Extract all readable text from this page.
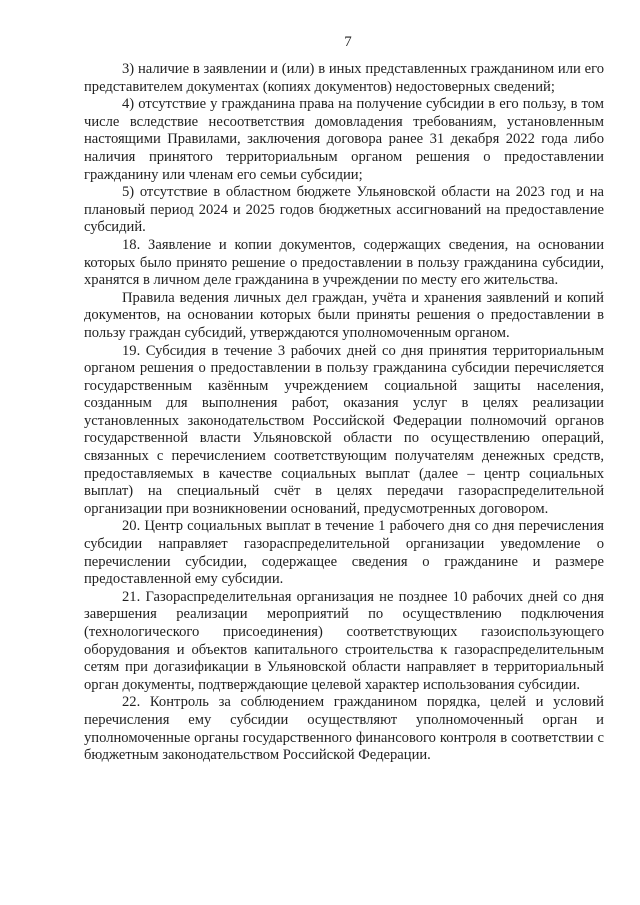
7

3) наличие в заявлении и (или) в иных представленных гражданином или его представителем документах (копиях документов) недостоверных сведений;

4) отсутствие у гражданина права на получение субсидии в его пользу, в том числе вследствие несоответствия домовладения требованиям, установленным настоящими Правилами, заключения договора ранее 31 декабря 2022 года либо наличия принятого территориальным органом решения о предоставлении гражданину или членам его семьи субсидии;

5) отсутствие в областном бюджете Ульяновской области на 2023 год и на плановый период 2024 и 2025 годов бюджетных ассигнований на предоставление субсидий.

18. Заявление и копии документов, содержащих сведения, на основании которых было принято решение о предоставлении в пользу гражданина субсидии, хранятся в личном деле гражданина в учреждении по месту его жительства.

Правила ведения личных дел граждан, учёта и хранения заявлений и копий документов, на основании которых были приняты решения о предоставлении в пользу граждан субсидий, утверждаются уполномоченным органом.

19. Субсидия в течение 3 рабочих дней со дня принятия территориальным органом решения о предоставлении в пользу гражданина субсидии перечисляется государственным казённым учреждением социальной защиты населения, созданным для выполнения работ, оказания услуг в целях реализации установленных законодательством Российской Федерации полномочий органов государственной власти Ульяновской области по осуществлению операций, связанных с перечислением соответствующим получателям денежных средств, предоставляемых в качестве социальных выплат (далее – центр социальных выплат) на специальный счёт в целях передачи газораспределительной организации при возникновении оснований, предусмотренных договором.

20. Центр социальных выплат в течение 1 рабочего дня со дня перечисления субсидии направляет газораспределительной организации уведомление о перечислении субсидии, содержащее сведения о гражданине и размере предоставленной ему субсидии.

21. Газораспределительная организация не позднее 10 рабочих дней со дня завершения реализации мероприятий по осуществлению подключения (технологического присоединения) соответствующих газоиспользующего оборудования и объектов капитального строительства к газораспределительным сетям при догазификации в Ульяновской области направляет в территориальный орган документы, подтверждающие целевой характер использования субсидии.

22. Контроль за соблюдением гражданином порядка, целей и условий перечисления ему субсидии осуществляют уполномоченный орган и уполномоченные органы государственного финансового контроля в соответствии с бюджетным законодательством Российской Федерации.
